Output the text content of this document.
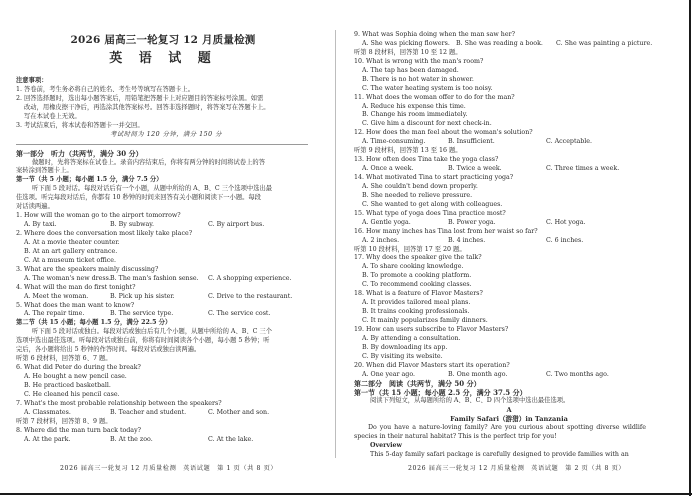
2026 届高三一轮复习 12 月质量检测
英 语 试 题
注意事项：
1. 答卷前，考生务必将自己的姓名、考生号等填写在答题卡上。
2. 回答选择题时，选出每小题答案后，用铅笔把答题卡上对应题目的答案标号涂黑。如需
改动，用橡皮擦干净后，再选涂其他答案标号。回答非选择题时，将答案写在答题卡上。
写在本试卷上无效。
3. 考试结束后，将本试卷和答题卡一并交回。
考试时间为 120 分钟，满分 150 分
第一部分　听力（共两节，满分 30 分）
做题时，先将答案标在试卷上。录音内容结束后，你将有两分钟的时间将试卷上的答
案转涂到答题卡上。
第一节（共 5 小题；每小题 1.5 分，满分 7.5 分）
听下面 5 段对话。每段对话后有一个小题，从题中所给的 A、B、C 三个选项中选出最
佳选项。听完每段对话后，你都有 10 秒钟的时间来回答有关小题和阅读下一小题。每段
对话读两遍。
1. How will the woman go to the airport tomorrow?
A. By taxi.	B. By subway.	C. By airport bus.
2. Where does the conversation most likely take place?
A. At a movie theater counter.
B. At an art gallery entrance.
C. At a museum ticket office.
3. What are the speakers mainly discussing?
A. The woman's new dress. B. The man's fashion sense.	C. A shopping experience.
4. What will the man do first tonight?
A. Meet the woman.	B. Pick up his sister.	C. Drive to the restaurant.
5. What does the man want to know?
A. The repair time.	B. The service type.	C. The service cost.
第二节（共 15 小题；每小题 1.5 分，满分 22.5 分）
听下面 5 段对话或独白。每段对话或独白后有几个小题，从题中所给的 A、B、C 三个
选项中选出最佳选项。听每段对话或独白前，你将有时间阅读各个小题，每小题 5 秒钟；听
完后，各小题将给出 5 秒钟的作答时间。每段对话或独白读两遍。
听第 6 段材料，回答第 6、7 题。
6. What did Peter do during the break?
A. He bought a new pencil case.
B. He practiced basketball.
C. He cleaned his pencil case.
7. What's the most probable relationship between the speakers?
A. Classmates.	B. Teacher and student.	C. Mother and son.
听第 7 段材料，回答第 8、9 题。
8. Where did the man turn back today?
A. At the park.	B. At the zoo.	C. At the lake.
2026 届高三一轮复习 12 月质量检测　英语试题　第 1 页（共 8 页）
9. What was Sophia doing when the man saw her?
A. She was picking flowers. B. She was reading a book.	C. She was painting a picture.
听第 8 段材料，回答第 10 至 12 题。
10. What is wrong with the man's room?
A. The tap has been damaged.
B. There is no hot water in shower.
C. The water heating system is too noisy.
11. What does the woman offer to do for the man?
A. Reduce his expense this time.
B. Change his room immediately.
C. Give him a discount for next check-in.
12. How does the man feel about the woman's solution?
A. Time-consuming.	B. Insufficient.	C. Acceptable.
听第 9 段材料，回答第 13 至 16 题。
13. How often does Tina take the yoga class?
A. Once a week.	B. Twice a week.	C. Three times a week.
14. What motivated Tina to start practicing yoga?
A. She couldn't bend down properly.
B. She needed to relieve pressure.
C. She wanted to get along with colleagues.
15. What type of yoga does Tina practice most?
A. Gentle yoga.	B. Power yoga.	C. Hot yoga.
16. How many inches has Tina lost from her waist so far?
A. 2 inches.	B. 4 inches.	C. 6 inches.
听第 10 段材料，回答第 17 至 20 题。
17. Why does the speaker give the talk?
A. To share cooking knowledge.
B. To promote a cooking platform.
C. To recommend cooking classes.
18. What is a feature of Flavor Masters?
A. It provides tailored meal plans.
B. It trains cooking professionals.
C. It mainly popularizes family dinners.
19. How can users subscribe to Flavor Masters?
A. By attending a consultation.
B. By downloading its app.
C. By visiting its website.
20. When did Flavor Masters start its operation?
A. One year ago.	B. One month ago.	C. Two months ago.
第二部分　阅读（共两节，满分 50 分）
第一节（共 15 小题；每小题 2.5 分，满分 37.5 分）
阅读下列短文，从每题所给的 A、B、C、D 四个选项中选出最佳选项。
A
Family Safari（游猎）in Tanzania
Do you have a nature-loving family? Are you curious about spotting diverse wildlife species in their natural habitat? This is the perfect trip for you!
Overview
This 5-day family safari package is carefully designed to provide families with an
2026 届高三一轮复习 12 月质量检测　英语试题　第 2 页（共 8 页）
